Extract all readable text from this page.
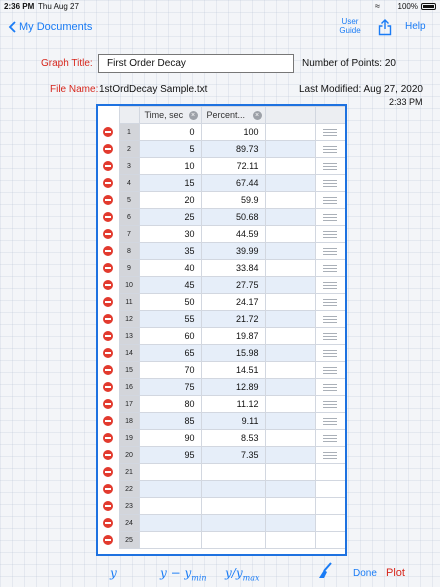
2:36 PM Thu Aug 27	≈ 100%
My Documents	User
Guide	Help
Graph Title:	First Order Decay	Number of Points: 20
File Name: 1stOrdDecay Sample.txt	Last Modified: Aug 27, 2020
2:33 PM

		Time, sec ×	Percent... ×		

	1	0	100		
	2	5	89.73		
	3	10	72.11		
	4	15	67.44		
	5	20	59.9		
	6	25	50.68		
	7	30	44.59		
	8	35	39.99		
	9	40	33.84		
	10	45	27.75		
	11	50	24.17		
	12	55	21.72		
	13	60	19.87		
	14	65	15.98		
	15	70	14.51		
	16	75	12.89		
	17	80	11.12		
	18	85	9.11		
	19	90	8.53		
	20	95	7.35		
	21				
	22				
	23				
	24				
	25				
y	$y - y_{min}$ $y/y_{max}$	Done Plot
